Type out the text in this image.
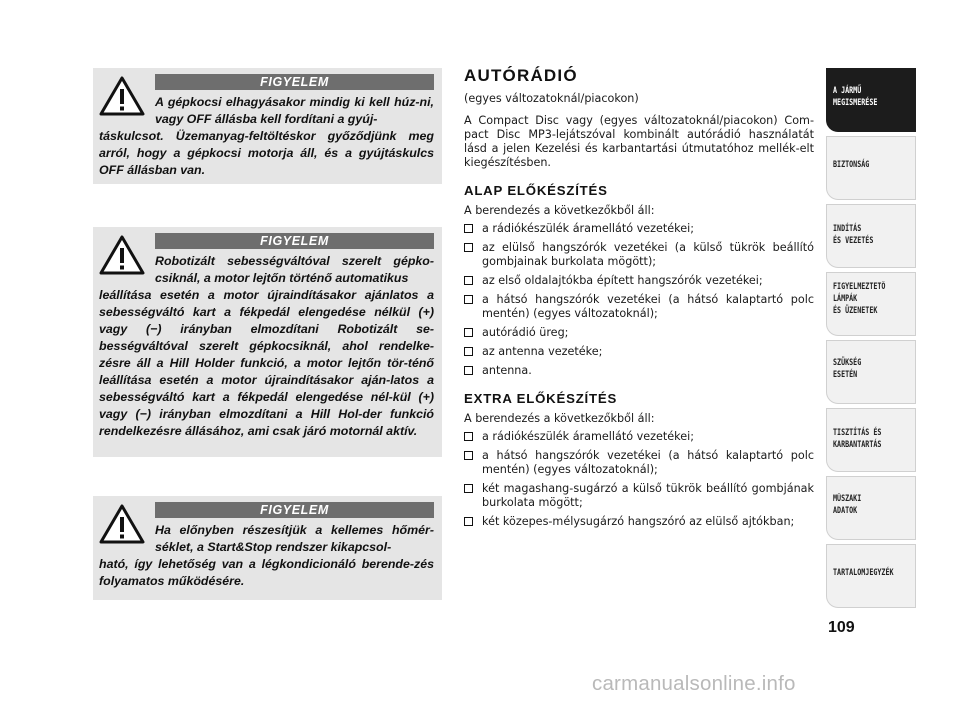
FIGYELEM
A gépkocsi elhagyásakor mindig ki kell húz-ni, vagy OFF állásba kell fordítani a gyúj-
táskulcsot. Üzemanyag-feltöltéskor győződjünk meg arról, hogy a gépkocsi motorja áll, és a gyújtáskulcs OFF állásban van.
FIGYELEM
Robotizált sebességváltóval szerelt gépko-csiknál, a motor lejtőn történő automatikus
leállítása esetén a motor újraindításakor ajánlatos a sebességváltó kart a fékpedál elengedése nélkül (+) vagy (−) irányban elmozdítani Robotizált se-bességváltóval szerelt gépkocsiknál, ahol rendelke-zésre áll a Hill Holder funkció, a motor lejtőn tör-ténő leállítása esetén a motor újraindításakor aján-latos a sebességváltó kart a fékpedál elengedése nél-kül (+) vagy (−) irányban elmozdítani a Hill Hol-der funkció rendelkezésre állásához, ami csak járó motornál aktív.
FIGYELEM
Ha előnyben részesítjük a kellemes hőmér-séklet, a Start&Stop rendszer kikapcsol-
ható, így lehetőség van a légkondicionáló berende-zés folyamatos működésére.
AUTÓRÁDIÓ
(egyes változatoknál/piacokon)
A Compact Disc vagy (egyes változatoknál/piacokon) Com-pact Disc MP3-lejátszóval kombinált autórádió használatát lásd a jelen Kezelési és karbantartási útmutatóhoz mellék-elt kiegészítésben.
ALAP ELŐKÉSZÍTÉS
A berendezés a következőkből áll:
a rádiókészülék áramellátó vezetékei;
az elülső hangszórók vezetékei (a külső tükrök beállító gombjainak burkolata mögött);
az első oldalajtókba épített hangszórók vezetékei;
a hátsó hangszórók vezetékei (a hátsó kalaptartó polc mentén) (egyes változatoknál);
autórádió üreg;
az antenna vezetéke;
antenna.
EXTRA ELŐKÉSZÍTÉS
A berendezés a következőkből áll:
a rádiókészülék áramellátó vezetékei;
a hátsó hangszórók vezetékei (a hátsó kalaptartó polc mentén) (egyes változatoknál);
két magashang-sugárzó a külső tükrök beállító gombjának burkolata mögött;
két közepes-mélysugárzó hangszóró az elülső ajtókban;
A JÁRMŰ
MEGISMERÉSE
BIZTONSÁG
INDÍTÁS
ÉS VEZETÉS
FIGYELMEZTETŐ
LÁMPÁK
ÉS ÜZENETEK
SZÜKSÉG
ESETÉN
TISZTÍTÁS ÉS
KARBANTARTÁS
MŰSZAKI
ADATOK
TARTALOMJEGYZÉK
109
carmanualsonline.info
